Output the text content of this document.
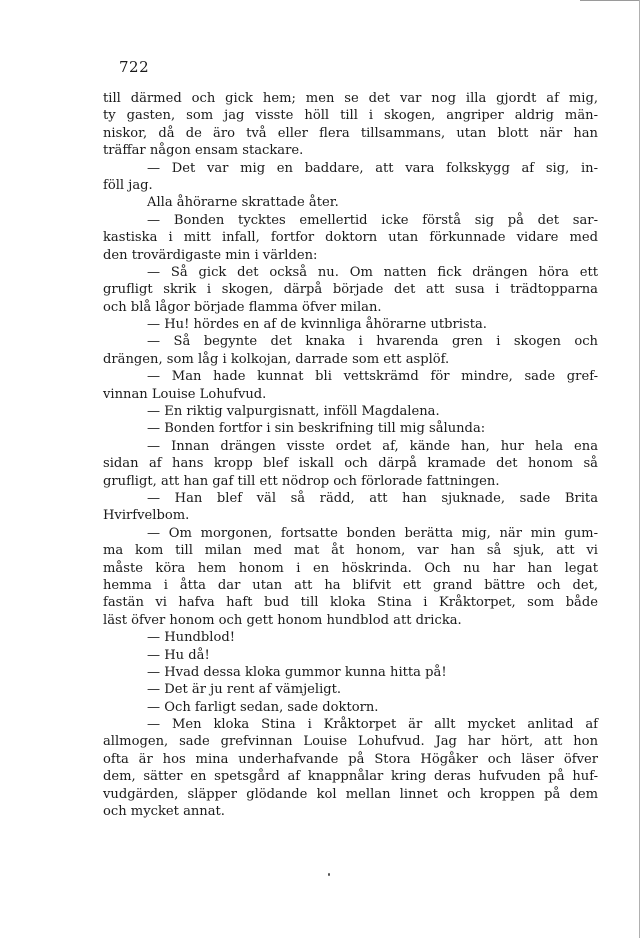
722
till därmed och gick hem; men se det var nog illa gjordt af mig,
ty gasten, som jag visste höll till i skogen, angriper aldrig män-
niskor, då de äro två eller flera tillsammans, utan blott när han
träffar någon ensam stackare.
— Det var mig en baddare, att vara folkskygg af sig, in-
föll jag.
Alla åhörarne skrattade åter.
— Bonden tycktes emellertid icke förstå sig på det sar-
kastiska i mitt infall, fortfor doktorn utan förkunnade vidare med
den trovärdigaste min i världen:
— Så gick det också nu. Om natten fick drängen höra ett
grufligt skrik i skogen, därpå började det att susa i trädtopparna
och blå lågor började flamma öfver milan.
— Hu! hördes en af de kvinnliga åhörarne utbrista.
— Så begynte det knaka i hvarenda gren i skogen och
drängen, som låg i kolkojan, darrade som ett asplöf.
— Man hade kunnat bli vettskrämd för mindre, sade gref-
vinnan Louise Lohufvud.
— En riktig valpurgisnatt, inföll Magdalena.
— Bonden fortfor i sin beskrifning till mig sålunda:
— Innan drängen visste ordet af, kände han, hur hela ena
sidan af hans kropp blef iskall och därpå kramade det honom så
grufligt, att han gaf till ett nödrop och förlorade fattningen.
— Han blef väl så rädd, att han sjuknade, sade Brita
Hvirfvelbom.
— Om morgonen, fortsatte bonden berätta mig, när min gum-
ma kom till milan med mat åt honom, var han så sjuk, att vi
måste köra hem honom i en höskrinda. Och nu har han legat
hemma i åtta dar utan att ha blifvit ett grand bättre och det,
fastän vi hafva haft bud till kloka Stina i Kråktorpet, som både
läst öfver honom och gett honom hundblod att dricka.
— Hundblod!
— Hu då!
— Hvad dessa kloka gummor kunna hitta på!
— Det är ju rent af vämjeligt.
— Och farligt sedan, sade doktorn.
— Men kloka Stina i Kråktorpet är allt mycket anlitad af
allmogen, sade grefvinnan Louise Lohufvud. Jag har hört, att hon
ofta är hos mina underhafvande på Stora Högåker och läser öfver
dem, sätter en spetsgård af knappnålar kring deras hufvuden på huf-
vudgärden, släpper glödande kol mellan linnet och kroppen på dem
och mycket annat.
